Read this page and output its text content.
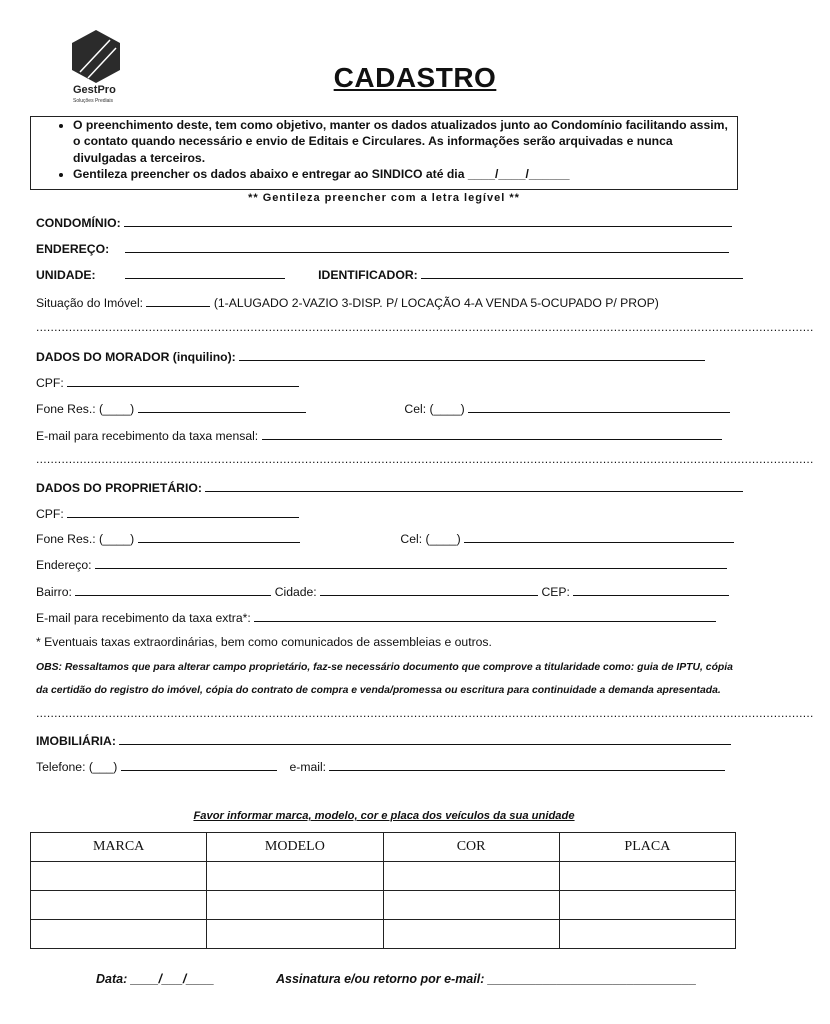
GestPro
Soluções Prediais
CADASTRO
• O preenchimento deste, tem como objetivo, manter os dados atualizados junto ao Condomínio facilitando assim, o contato quando necessário e envio de Editais e Circulares. As informações serão arquivadas e nunca divulgadas a terceiros.
• Gentileza preencher os dados abaixo e entregar ao SINDICO até dia ____/____/______
** Gentileza preencher com a letra legível **
CONDOMÍNIO:
ENDEREÇO:
UNIDADE:	IDENTIFICADOR:
Situação do Imóvel:	(1-ALUGADO 2-VAZIO 3-DISP. P/ LOCAÇÃO 4-A VENDA 5-OCUPADO P/ PROP)
......................................................................................................................................................................................................................
DADOS DO MORADOR (inquilino):
CPF:
Fone Res.: (____)	Cel: (____)
E-mail para recebimento da taxa mensal:
......................................................................................................................................................................................................................
DADOS DO PROPRIETÁRIO:
CPF:
Fone Res.: (____)	Cel: (____)
Endereço:
Bairro:	Cidade:	CEP:
E-mail para recebimento da taxa extra*:
* Eventuais taxas extraordinárias, bem como comunicados de assembleias e outros.
OBS: Ressaltamos que para alterar campo proprietário, faz-se necessário documento que comprove a titularidade como: guia de IPTU, cópia
da certidão do registro do imóvel, cópia do contrato de compra e venda/promessa ou escritura para continuidade a demanda apresentada.
......................................................................................................................................................................................................................
IMOBILIÁRIA:
Telefone: (___)	e-mail:
Favor informar marca, modelo, cor e placa dos veículos da sua unidade
MARCA	MODELO	COR	PLACA

Data: ____/___/____	Assinatura e/ou retorno por e-mail: ______________________________
